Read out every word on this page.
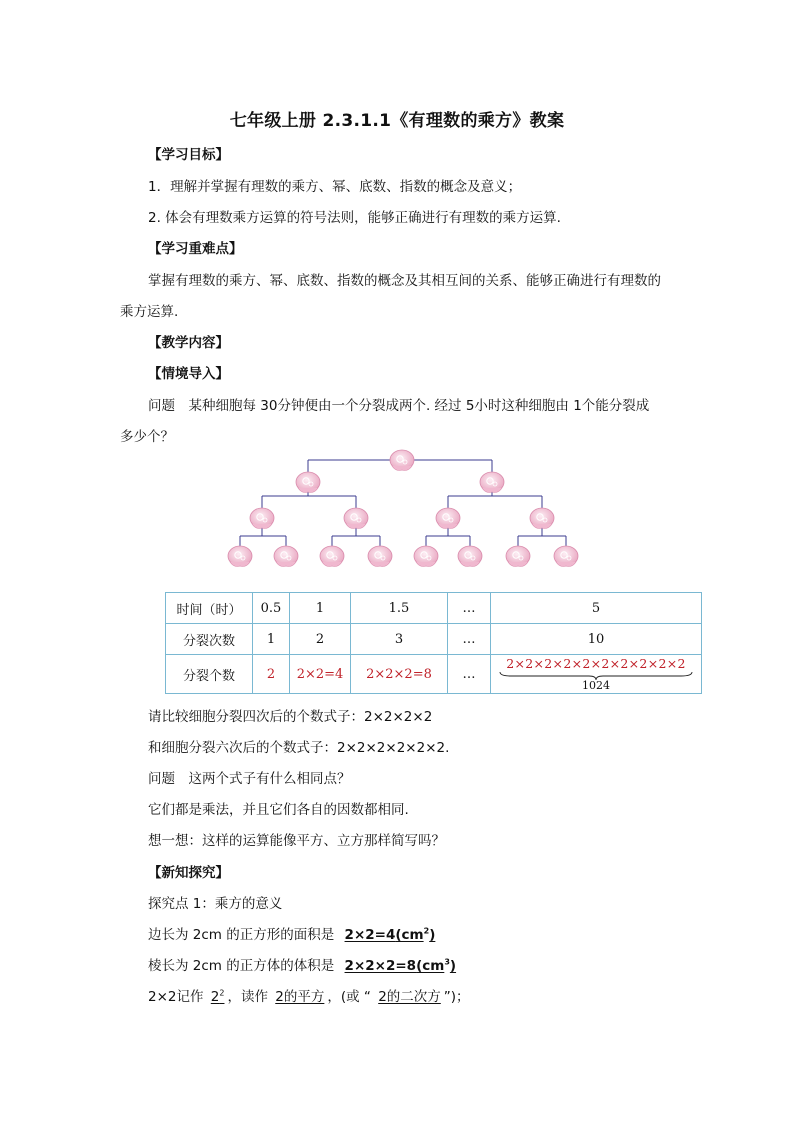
七年级上册 2.3.1.1《有理数的乘方》教案
【学习目标】
1．理解并掌握有理数的乘方、幂、底数、指数的概念及意义；
2. 体会有理数乘方运算的符号法则，能够正确进行有理数的乘方运算.
【学习重难点】
掌握有理数的乘方、幂、底数、指数的概念及其相互间的关系、能够正确进行有理数的
乘方运算.
【教学内容】
【情境导入】
问题　某种细胞每 30分钟便由一个分裂成两个. 经过 5小时这种细胞由 1个能分裂成
多少个？
时间（时）	0.5	1	1.5	…	5
分裂次数	1	2	3	…	10
分裂个数	2	2×2=4	2×2×2=8	…	2×2×2×2×2×2×2×2×2×2
1024
请比较细胞分裂四次后的个数式子：2×2×2×2
和细胞分裂六次后的个数式子：2×2×2×2×2×2.
问题　这两个式子有什么相同点？
它们都是乘法，并且它们各自的因数都相同.
想一想：这样的运算能像平方、立方那样简写吗？
【新知探究】
探究点 1：乘方的意义
边长为 2cm 的正方形的面积是 $2\times 2=4(cm^2)$
棱长为 2cm 的正方体的体积是 $2\times 2\times 2=8(cm^3)$
2×2记作 $2^2$ ，读作 2的平方 ，(或 “ 2的二次方 ”)；
